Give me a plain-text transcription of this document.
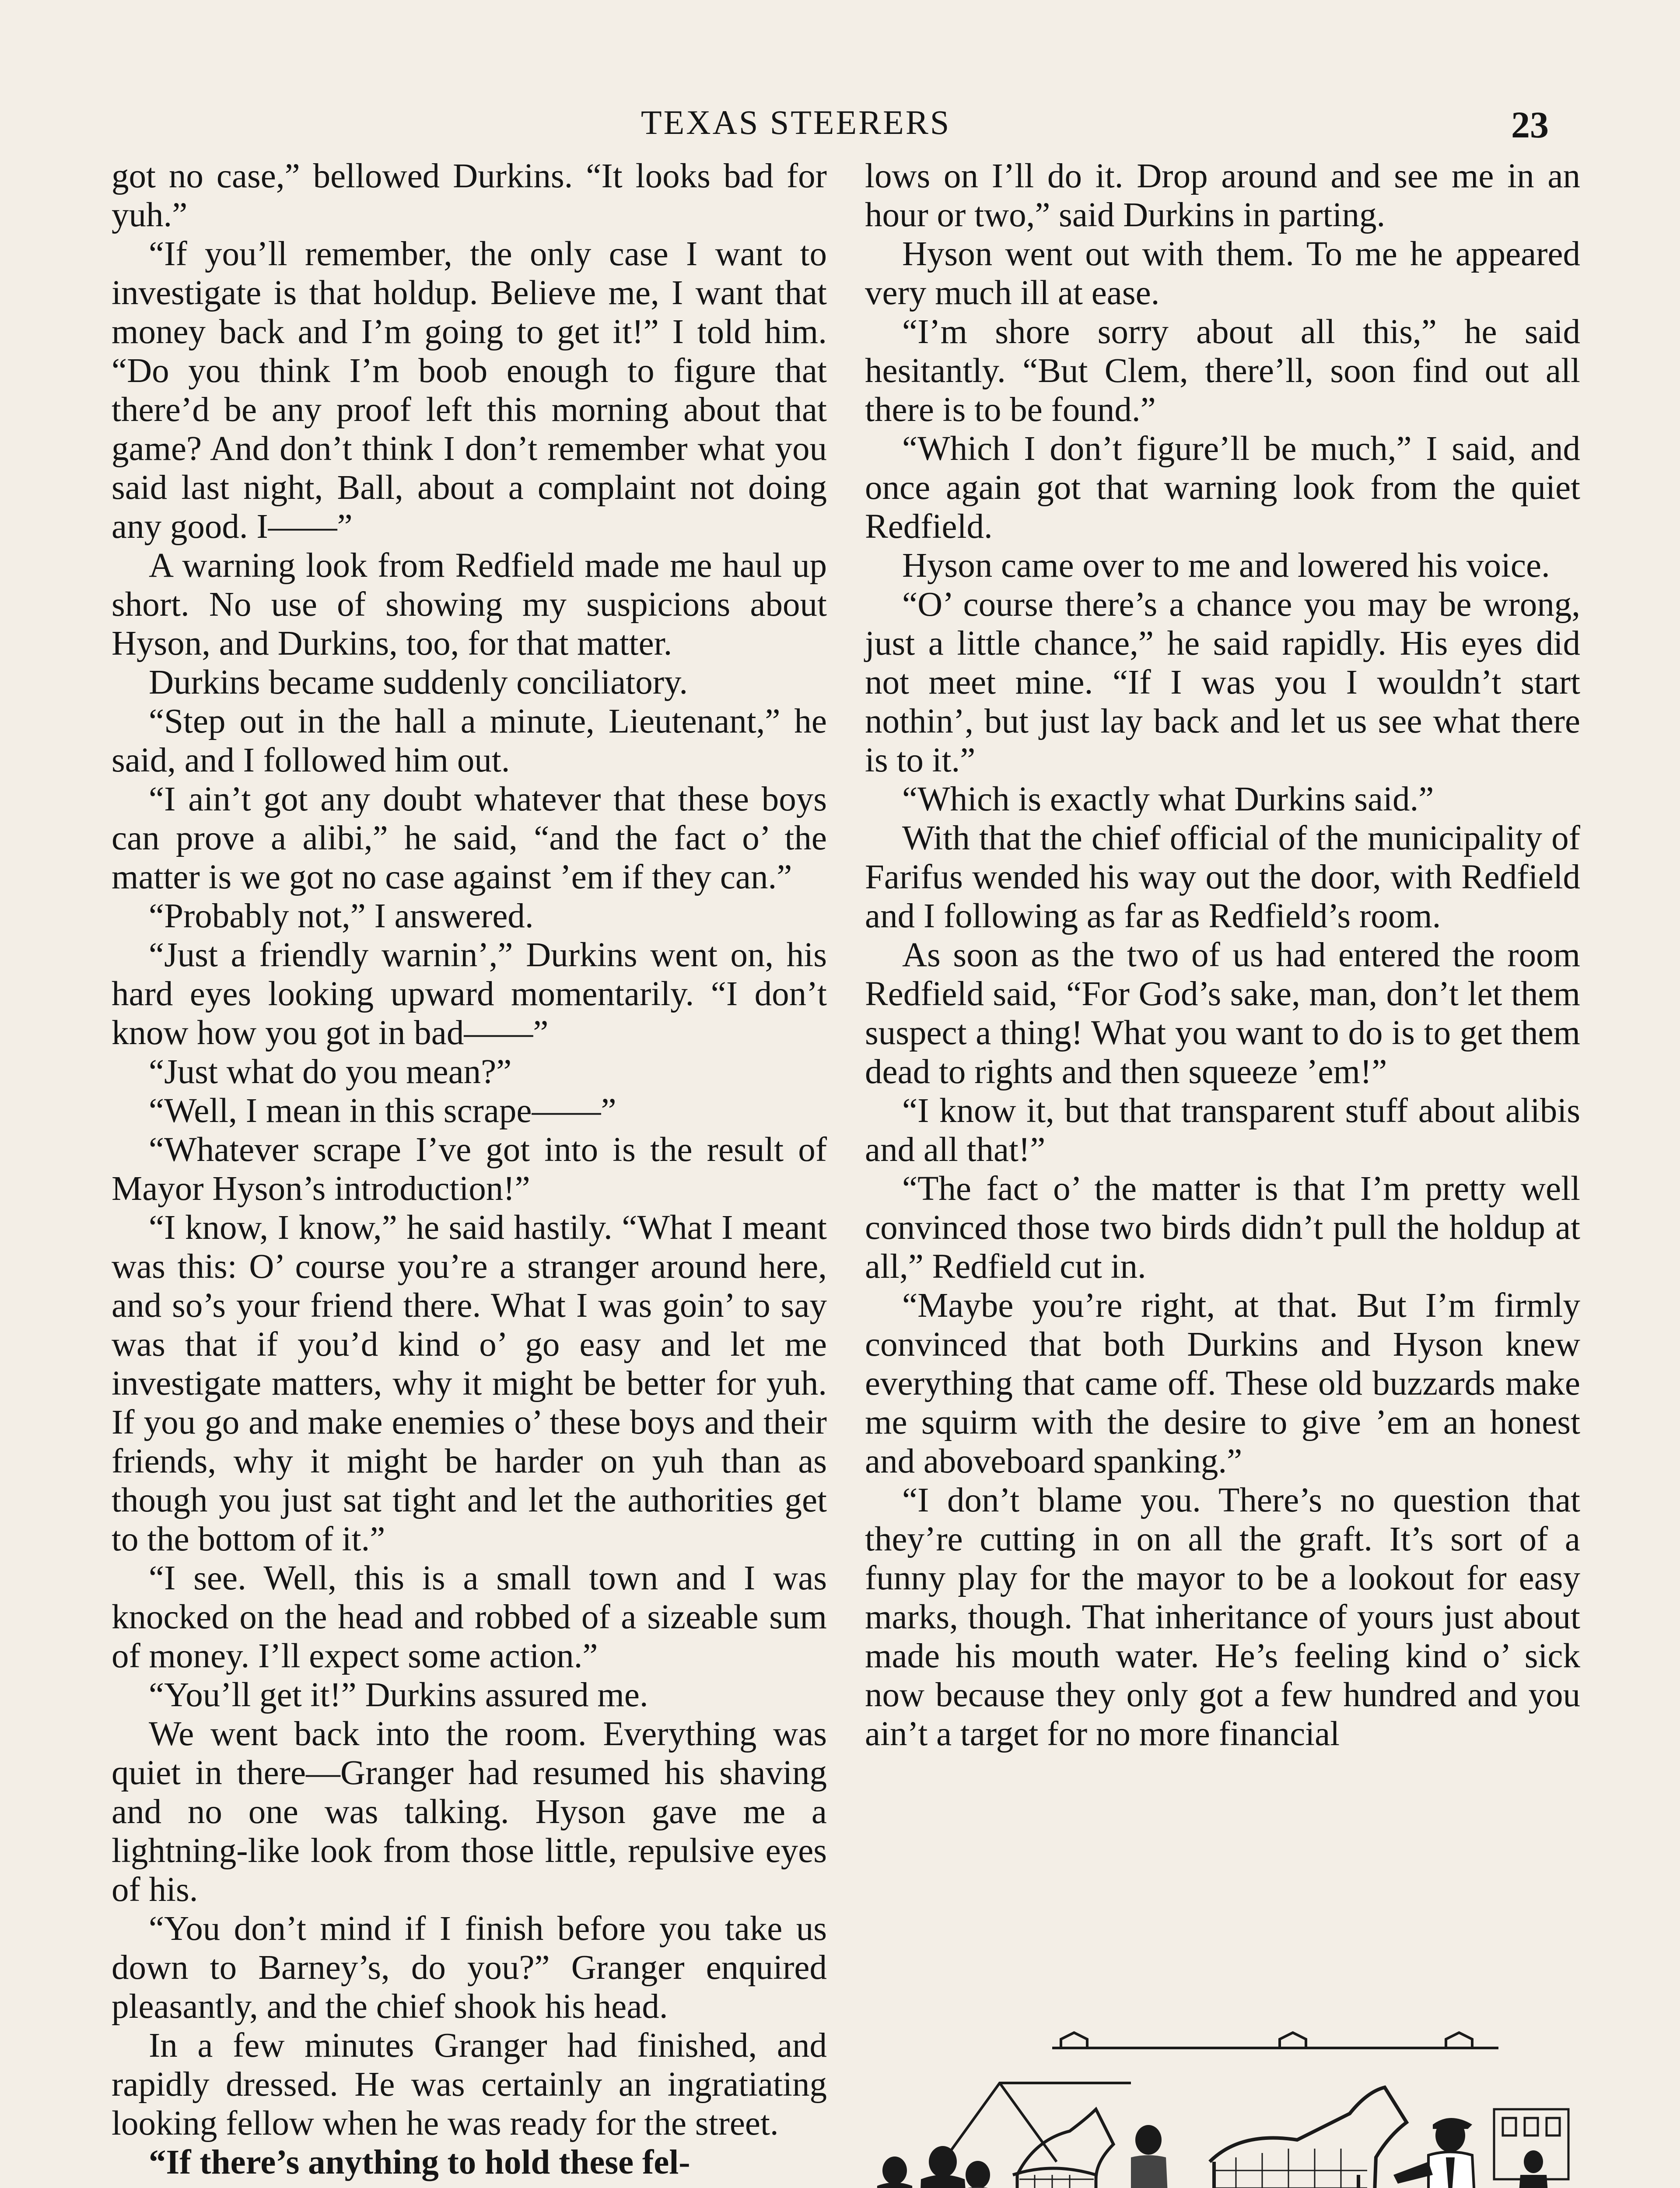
TEXAS STEERERS	23

got no case,” bellowed Durkins. “It looks bad for yuh.”

“If you’ll remember, the only case I want to investigate is that holdup. Believe me, I want that money back and I’m going to get it!” I told him. “Do you think I’m boob enough to figure that there’d be any proof left this morning about that game? And don’t think I don’t remember what you said last night, Ball, about a complaint not doing any good. I——”

A warning look from Redfield made me haul up short. No use of showing my suspicions about Hyson, and Durkins, too, for that matter.

Durkins became suddenly conciliatory.

“Step out in the hall a minute, Lieutenant,” he said, and I followed him out.

“I ain’t got any doubt whatever that these boys can prove a alibi,” he said, “and the fact o’ the matter is we got no case against ’em if they can.”

“Probably not,” I answered.

“Just a friendly warnin’,” Durkins went on, his hard eyes looking upward momentarily. “I don’t know how you got in bad——”

“Just what do you mean?”

“Well, I mean in this scrape——”

“Whatever scrape I’ve got into is the result of Mayor Hyson’s introduction!”

“I know, I know,” he said hastily. “What I meant was this: O’ course you’re a stranger around here, and so’s your friend there. What I was goin’ to say was that if you’d kind o’ go easy and let me investigate matters, why it might be better for yuh. If you go and make enemies o’ these boys and their friends, why it might be harder on yuh than as though you just sat tight and let the authorities get to the bottom of it.”

“I see. Well, this is a small town and I was knocked on the head and robbed of a sizeable sum of money. I’ll expect some action.”

“You’ll get it!” Durkins assured me.

We went back into the room. Everything was quiet in there—Granger had resumed his shaving and no one was talking. Hyson gave me a lightning-like look from those little, repulsive eyes of his.

“You don’t mind if I finish before you take us down to Barney’s, do you?” Granger enquired pleasantly, and the chief shook his head.

In a few minutes Granger had finished, and rapidly dressed. He was certainly an ingratiating looking fellow when he was ready for the street.

“If there’s anything to hold these fel-

lows on I’ll do it. Drop around and see me in an hour or two,” said Durkins in parting.

Hyson went out with them. To me he appeared very much ill at ease.

“I’m shore sorry about all this,” he said hesitantly. “But Clem, there’ll, soon find out all there is to be found.”

“Which I don’t figure’ll be much,” I said, and once again got that warning look from the quiet Redfield.

Hyson came over to me and lowered his voice.

“O’ course there’s a chance you may be wrong, just a little chance,” he said rapidly. His eyes did not meet mine. “If I was you I wouldn’t start nothin’, but just lay back and let us see what there is to it.”

“Which is exactly what Durkins said.”

With that the chief official of the municipality of Farifus wended his way out the door, with Redfield and I following as far as Redfield’s room.

As soon as the two of us had entered the room Redfield said, “For God’s sake, man, don’t let them suspect a thing! What you want to do is to get them dead to rights and then squeeze ’em!”

“I know it, but that transparent stuff about alibis and all that!”

“The fact o’ the matter is that I’m pretty well convinced those two birds didn’t pull the holdup at all,” Redfield cut in.

“Maybe you’re right, at that. But I’m firmly convinced that both Durkins and Hyson knew everything that came off. These old buzzards make me squirm with the desire to give ’em an honest and aboveboard spanking.”

“I don’t blame you. There’s no question that they’re cutting in on all the graft. It’s sort of a funny play for the mayor to be a lookout for easy marks, though. That inheritance of yours just about made his mouth water. He’s feeling kind o’ sick now because they only got a few hundred and you ain’t a target for no more financial
